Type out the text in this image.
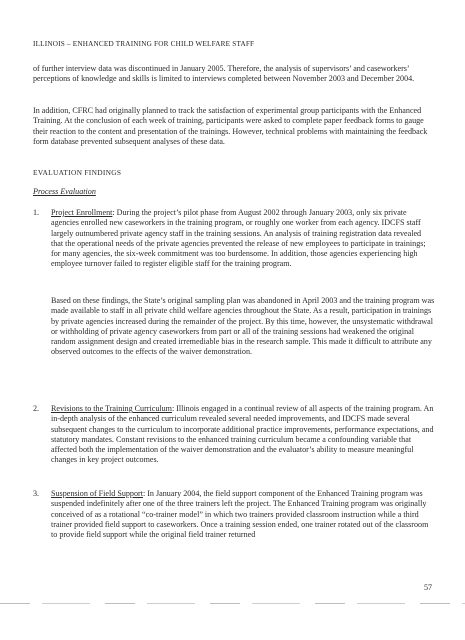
ILLINOIS – ENHANCED TRAINING FOR CHILD WELFARE STAFF
of further interview data was discontinued in January 2005. Therefore, the analysis of supervisors’ and caseworkers’ perceptions of knowledge and skills is limited to interviews completed between November 2003 and December 2004.
In addition, CFRC had originally planned to track the satisfaction of experimental group participants with the Enhanced Training. At the conclusion of each week of training, participants were asked to complete paper feedback forms to gauge their reaction to the content and presentation of the trainings. However, technical problems with maintaining the feedback form database prevented subsequent analyses of these data.
EVALUATION FINDINGS
Process Evaluation
1. Project Enrollment: During the project’s pilot phase from August 2002 through January 2003, only six private agencies enrolled new caseworkers in the training program, or roughly one worker from each agency. IDCFS staff largely outnumbered private agency staff in the training sessions. An analysis of training registration data revealed that the operational needs of the private agencies prevented the release of new employees to participate in trainings; for many agencies, the six-week commitment was too burdensome. In addition, those agencies experiencing high employee turnover failed to register eligible staff for the training program.
Based on these findings, the State’s original sampling plan was abandoned in April 2003 and the training program was made available to staff in all private child welfare agencies throughout the State. As a result, participation in trainings by private agencies increased during the remainder of the project. By this time, however, the unsystematic withdrawal or withholding of private agency caseworkers from part or all of the training sessions had weakened the original random assignment design and created irremediable bias in the research sample. This made it difficult to attribute any observed outcomes to the effects of the waiver demonstration.
2. Revisions to the Training Curriculum: Illinois engaged in a continual review of all aspects of the training program. An in-depth analysis of the enhanced curriculum revealed several needed improvements, and IDCFS made several subsequent changes to the curriculum to incorporate additional practice improvements, performance expectations, and statutory mandates. Constant revisions to the enhanced training curriculum became a confounding variable that affected both the implementation of the waiver demonstration and the evaluator’s ability to measure meaningful changes in key project outcomes.
3. Suspension of Field Support: In January 2004, the field support component of the Enhanced Training program was suspended indefinitely after one of the three trainers left the project. The Enhanced Training program was originally conceived of as a rotational “co-trainer model” in which two trainers provided classroom instruction while a third trainer provided field support to caseworkers. Once a training session ended, one trainer rotated out of the classroom to provide field support while the original field trainer returned
57
